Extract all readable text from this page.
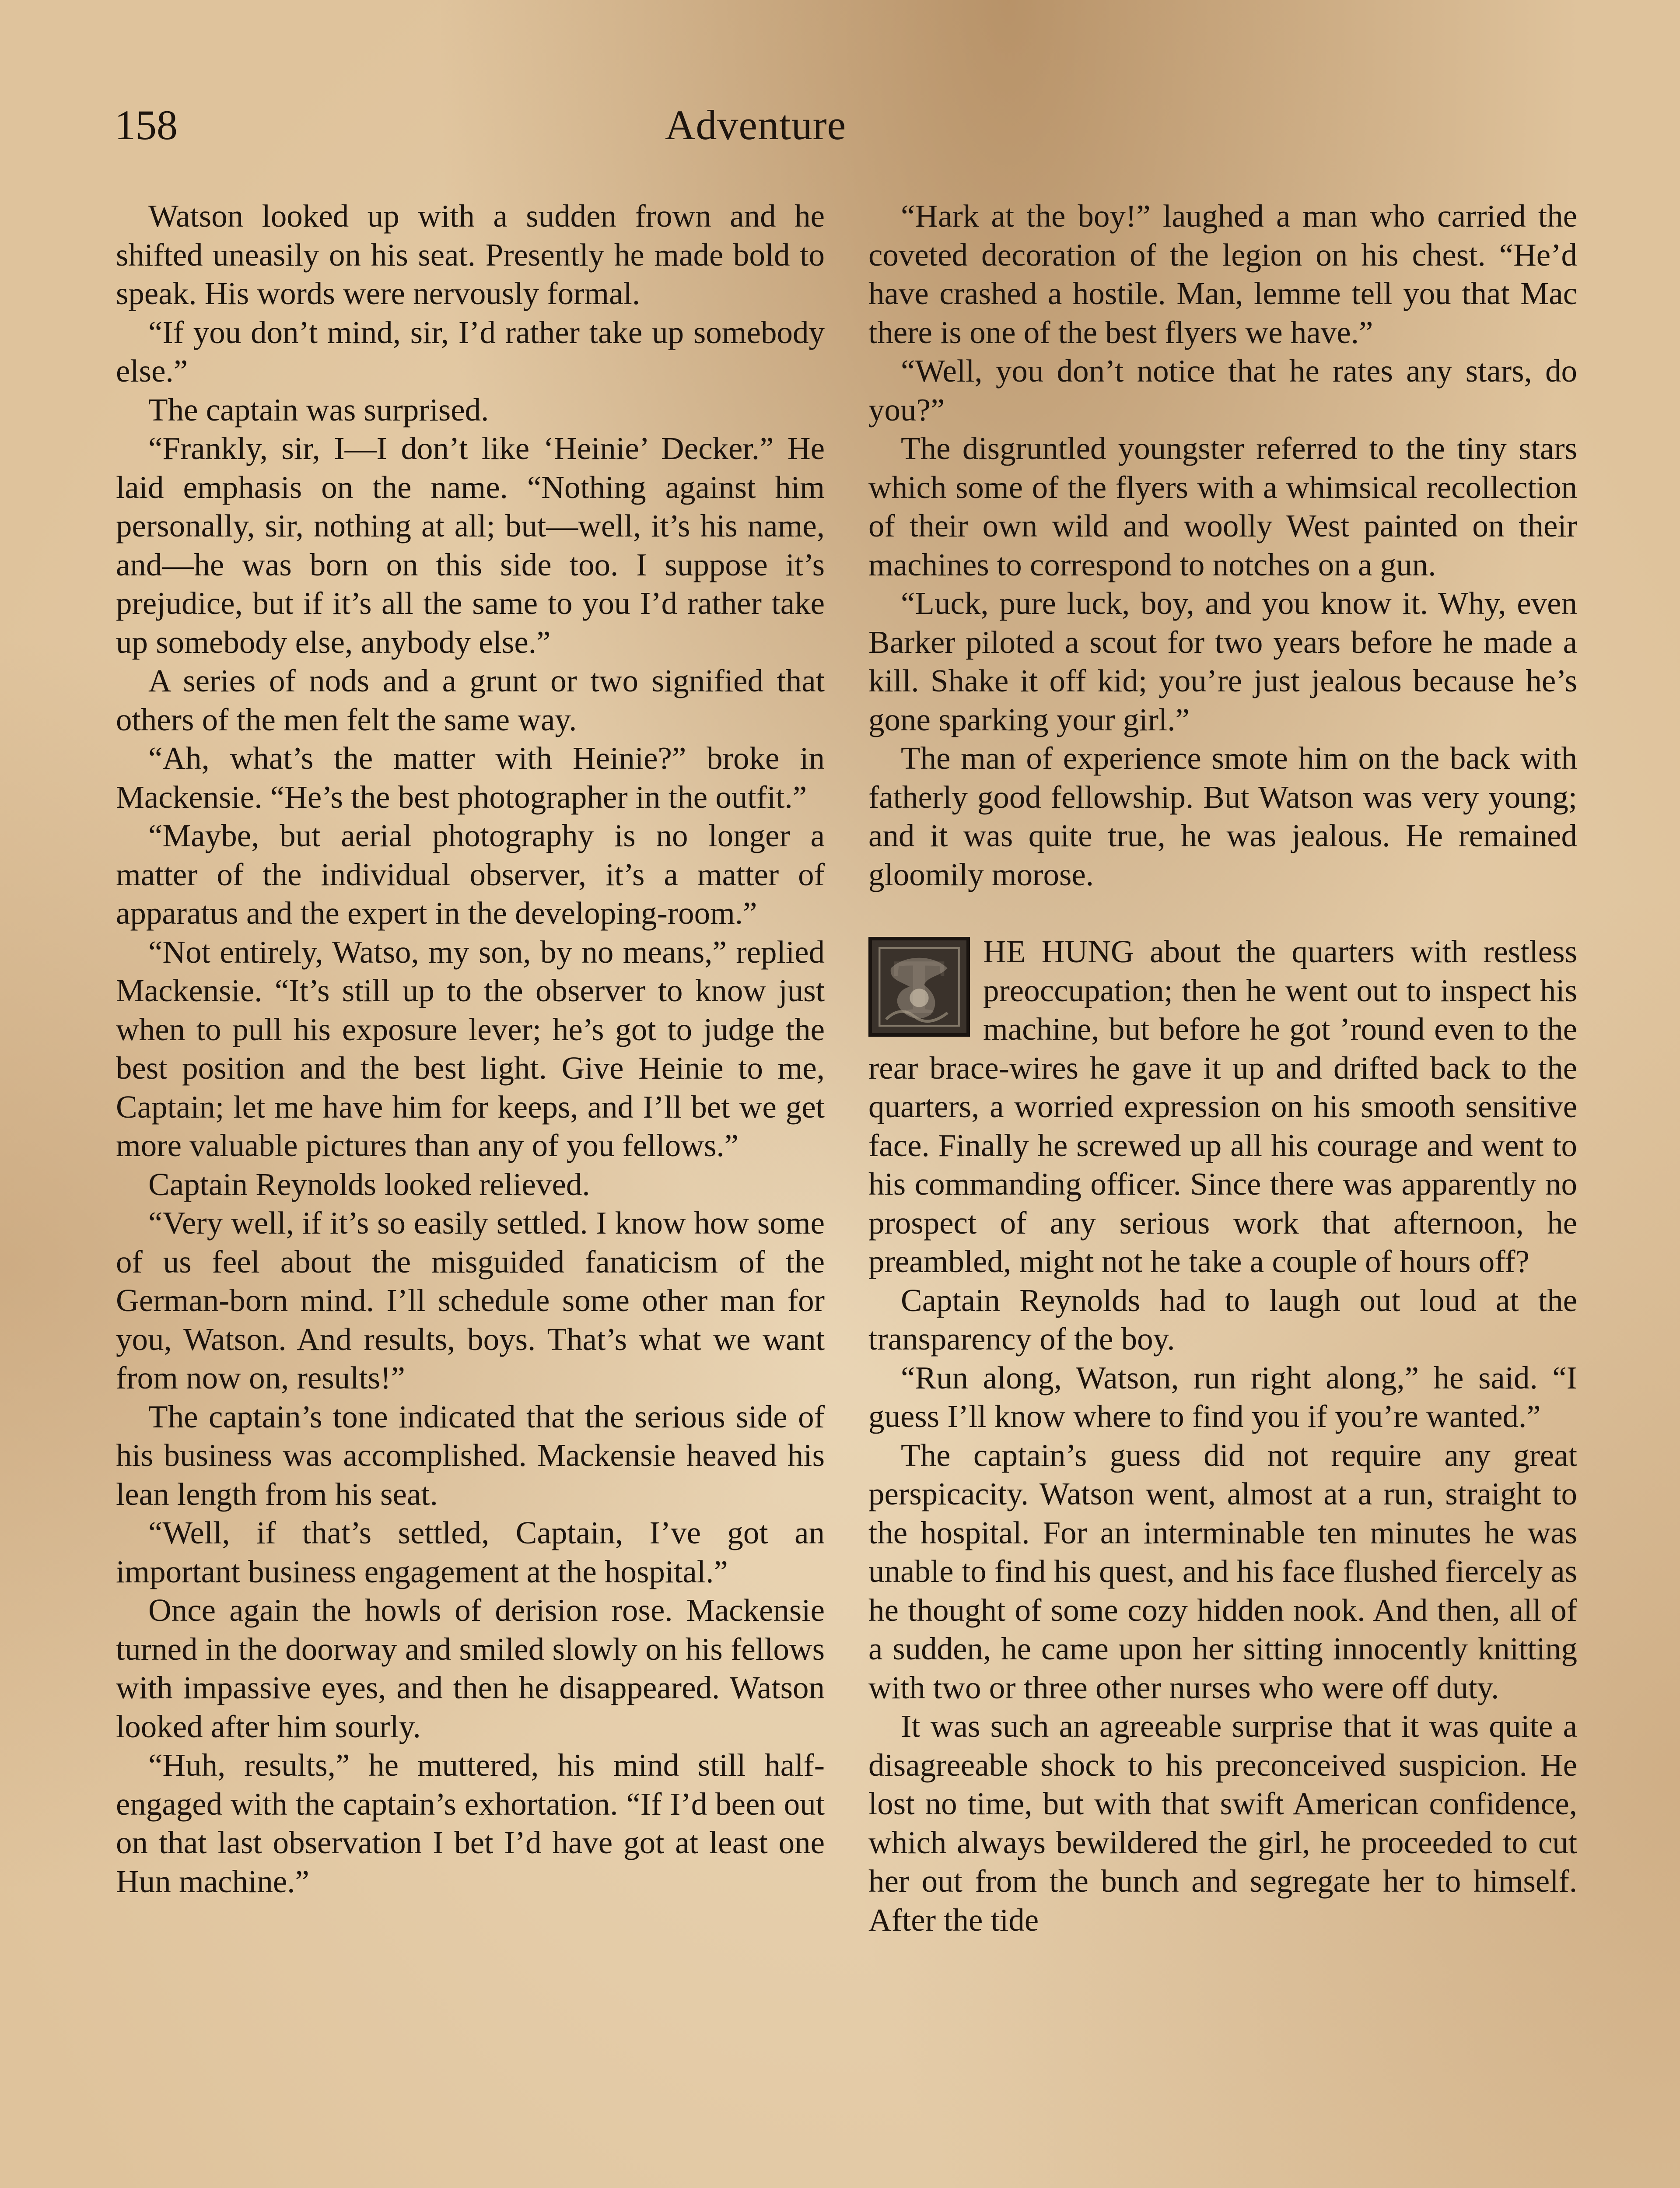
158	Adventure

Watson looked up with a sudden frown and he shifted uneasily on his seat. Presently he made bold to speak. His words were nervously formal.

“If you don’t mind, sir, I’d rather take up somebody else.”

The captain was surprised.

“Frankly, sir, I—I don’t like ‘Heinie’ Decker.” He laid emphasis on the name. “Nothing against him personally, sir, nothing at all; but—well, it’s his name, and—he was born on this side too. I suppose it’s prejudice, but if it’s all the same to you I’d rather take up somebody else, anybody else.”

A series of nods and a grunt or two signified that others of the men felt the same way.

“Ah, what’s the matter with Heinie?” broke in Mackensie. “He’s the best photographer in the outfit.”

“Maybe, but aerial photography is no longer a matter of the individual observer, it’s a matter of apparatus and the expert in the developing-room.”

“Not entirely, Watso, my son, by no means,” replied Mackensie. “It’s still up to the observer to know just when to pull his exposure lever; he’s got to judge the best position and the best light. Give Heinie to me, Captain; let me have him for keeps, and I’ll bet we get more valuable pictures than any of you fellows.”

Captain Reynolds looked relieved.

“Very well, if it’s so easily settled. I know how some of us feel about the misguided fanaticism of the German-born mind. I’ll schedule some other man for you, Watson. And results, boys. That’s what we want from now on, results!”

The captain’s tone indicated that the serious side of his business was accomplished. Mackensie heaved his lean length from his seat.

“Well, if that’s settled, Captain, I’ve got an important business engagement at the hospital.”

Once again the howls of derision rose. Mackensie turned in the doorway and smiled slowly on his fellows with impassive eyes, and then he disappeared. Watson looked after him sourly.

“Huh, results,” he muttered, his mind still half-engaged with the captain’s exhortation. “If I’d been out on that last observation I bet I’d have got at least one Hun machine.”

“Hark at the boy!” laughed a man who carried the coveted decoration of the legion on his chest. “He’d have crashed a hostile. Man, lemme tell you that Mac there is one of the best flyers we have.”

“Well, you don’t notice that he rates any stars, do you?”

The disgruntled youngster referred to the tiny stars which some of the flyers with a whimsical recollection of their own wild and woolly West painted on their machines to correspond to notches on a gun.

“Luck, pure luck, boy, and you know it. Why, even Barker piloted a scout for two years before he made a kill. Shake it off kid; you’re just jealous because he’s gone sparking your girl.”

The man of experience smote him on the back with fatherly good fellowship. But Watson was very young; and it was quite true, he was jealous. He remained gloomily morose.

T	HE HUNG about the quarters with restless preoccupation; then he went out to inspect his machine, but before he got ’round even to the rear brace-wires he gave it up and drifted back to the quarters, a worried expression on his smooth sensitive face. Finally he screwed up all his courage and went to his commanding officer. Since there was apparently no prospect of any serious work that afternoon, he preambled, might not he take a couple of hours off?

Captain Reynolds had to laugh out loud at the transparency of the boy.

“Run along, Watson, run right along,” he said. “I guess I’ll know where to find you if you’re wanted.”

The captain’s guess did not require any great perspicacity. Watson went, almost at a run, straight to the hospital. For an interminable ten minutes he was unable to find his quest, and his face flushed fiercely as he thought of some cozy hidden nook. And then, all of a sudden, he came upon her sitting innocently knitting with two or three other nurses who were off duty.

It was such an agreeable surprise that it was quite a disagreeable shock to his preconceived suspicion. He lost no time, but with that swift American confidence, which always bewildered the girl, he proceeded to cut her out from the bunch and segregate her to himself. After the tide
